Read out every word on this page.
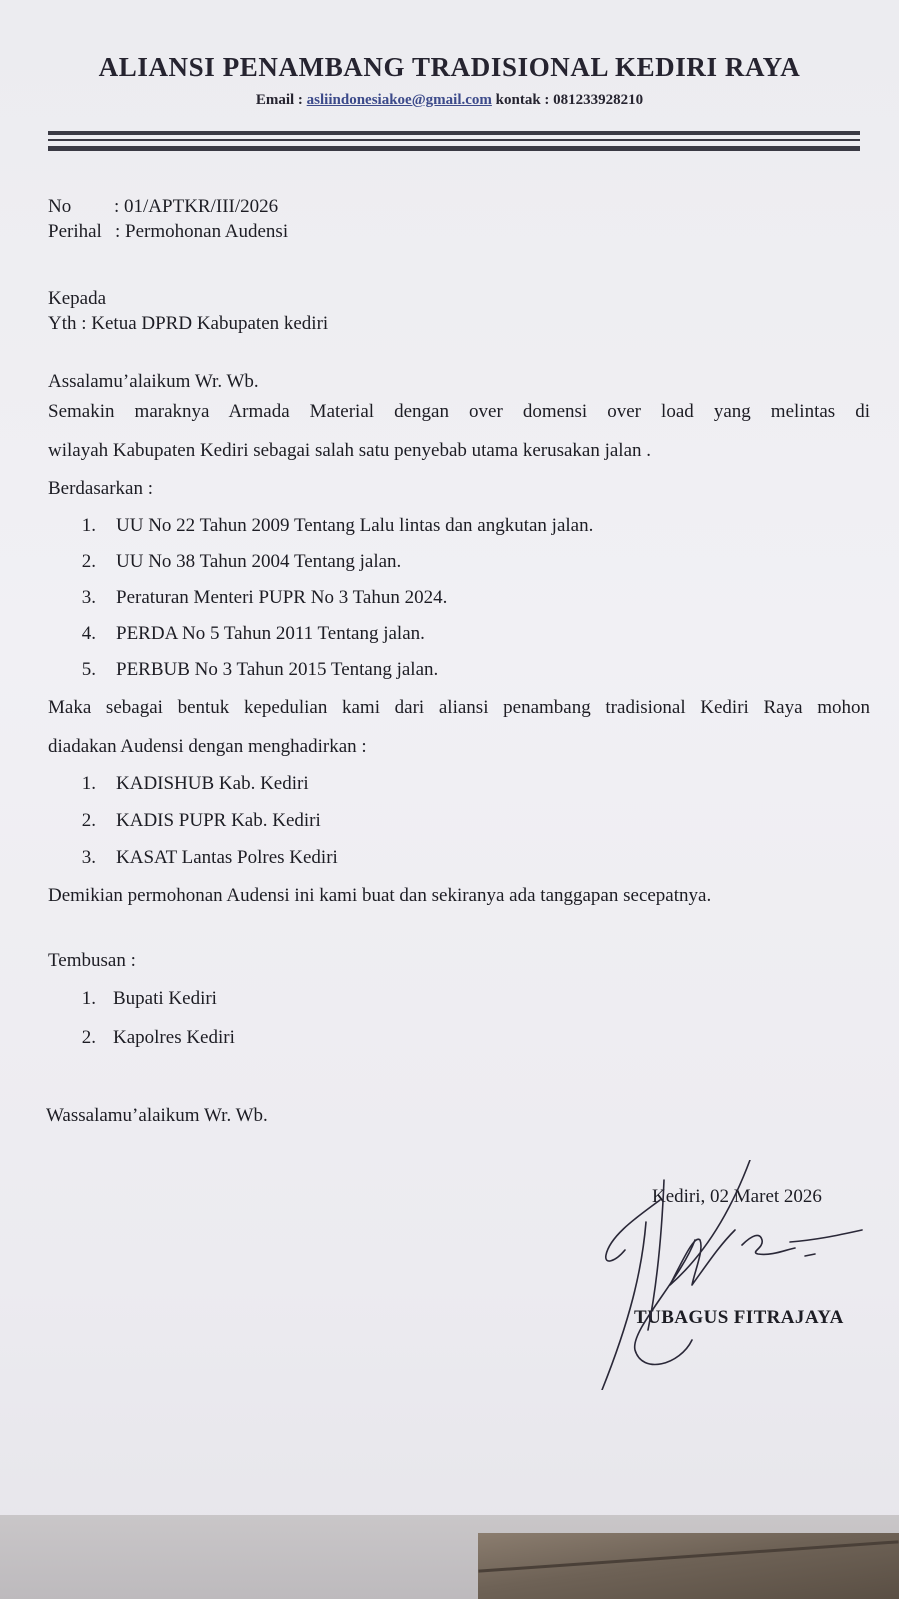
ALIANSI PENAMBANG TRADISIONAL KEDIRI RAYA
Email : asliindonesiakoe@gmail.com kontak : 081233928210
No : 01/APTKR/III/2026
Perihal : Permohonan Audensi
Kepada
Yth : Ketua DPRD Kabupaten kediri
Assalamu’alaikum Wr. Wb.
Semakin maraknya Armada Material dengan over domensi over load yang melintas di
wilayah Kabupaten Kediri sebagai salah satu penyebab utama kerusakan jalan .
Berdasarkan :
1. UU No 22 Tahun 2009 Tentang Lalu lintas dan angkutan jalan.
2. UU No 38 Tahun 2004 Tentang jalan.
3. Peraturan Menteri PUPR No 3 Tahun 2024.
4. PERDA No 5 Tahun 2011 Tentang jalan.
5. PERBUB No 3 Tahun 2015 Tentang jalan.
Maka sebagai bentuk kepedulian kami dari aliansi penambang tradisional Kediri Raya mohon
diadakan Audensi dengan menghadirkan :
1. KADISHUB Kab. Kediri
2. KADIS PUPR Kab. Kediri
3. KASAT Lantas Polres Kediri
Demikian permohonan Audensi ini kami buat dan sekiranya ada tanggapan secepatnya.
Tembusan :
1. Bupati Kediri
2. Kapolres Kediri
Wassalamu’alaikum Wr. Wb.
Kediri, 02 Maret 2026
TUBAGUS FITRAJAYA
